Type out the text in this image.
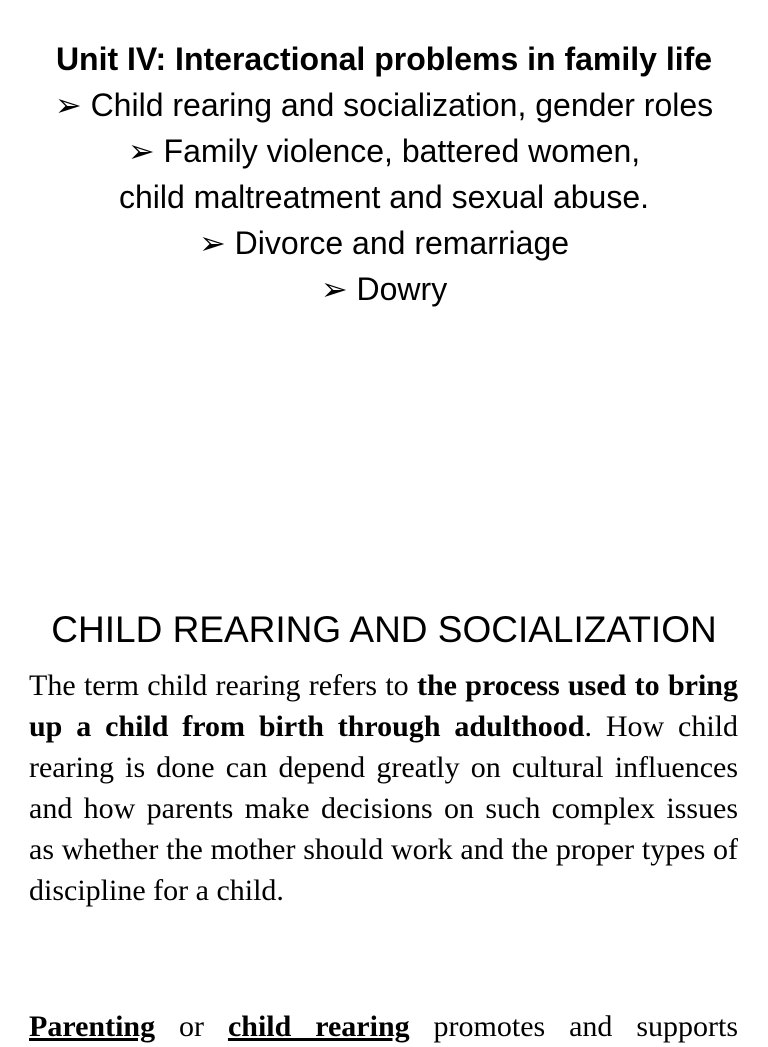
Unit IV: Interactional problems in family life

➢ Child rearing and socialization, gender roles

➢ Family violence, battered women,

child maltreatment and sexual abuse.

➢ Divorce and remarriage

➢ Dowry

CHILD REARING AND SOCIALIZATION

The term child rearing refers to the process used to bring up a child from birth through adulthood. How child rearing is done can depend greatly on cultural influences and how parents make decisions on such complex issues as whether the mother should work and the proper types of discipline for a child.

Parenting or child rearing promotes and supports
